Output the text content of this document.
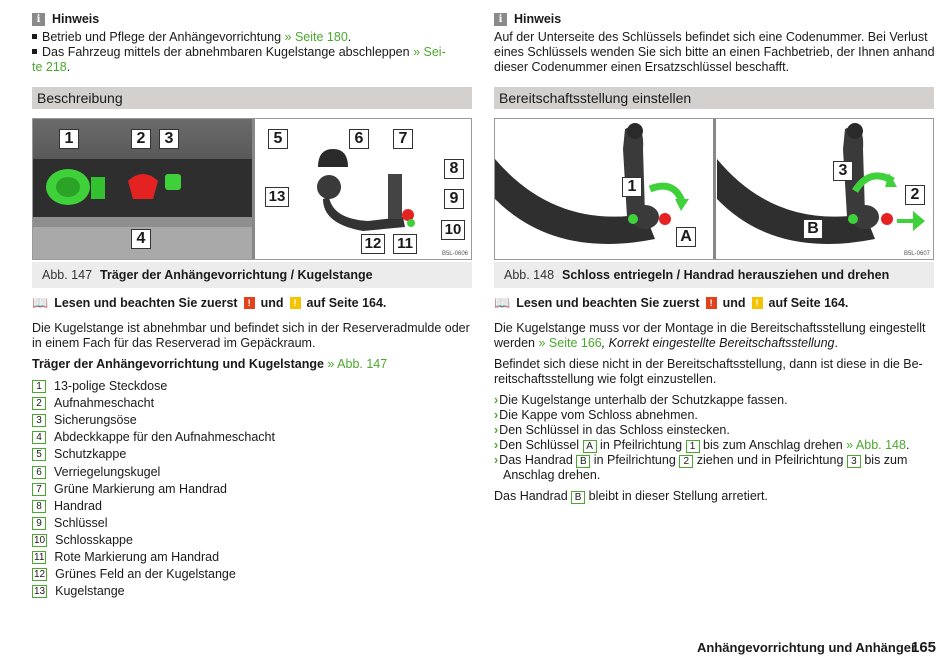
i Hinweis
Betrieb und Pflege der Anhängevorrichtung » Seite 180.
Das Fahrzeug mittels der abnehmbaren Kugelstange abschleppen » Sei-
te 218.
Beschreibung
1	2	3
4
5	6	7
8
9
10
11
12
13
B5L-0606
Abb. 147 Träger der Anhängevorrichtung / Kugelstange
📖 Lesen und beachten Sie zuerst	! und	! auf Seite 164.
Die Kugelstange ist abnehmbar und befindet sich in der Reserveradmulde oder
in einem Fach für das Reserverad im Gepäckraum.
Träger der Anhängevorrichtung und Kugelstange » Abb. 147
1 13-polige Steckdose
2 Aufnahmeschacht
3 Sicherungsöse
4 Abdeckkappe für den Aufnahmeschacht
5 Schutzkappe
6 Verriegelungskugel
7 Grüne Markierung am Handrad
8 Handrad
9 Schlüssel
10 Schlosskappe
11 Rote Markierung am Handrad
12 Grünes Feld an der Kugelstange
13 Kugelstange
i Hinweis
Auf der Unterseite des Schlüssels befindet sich eine Codenummer. Bei Verlust
eines Schlüssels wenden Sie sich bitte an einen Fachbetrieb, der Ihnen anhand
dieser Codenummer einen Ersatzschlüssel beschafft.
Bereitschaftsstellung einstellen
1
A
3
2
B
B5L-0607
Abb. 148 Schloss entriegeln / Handrad herausziehen und drehen
📖 Lesen und beachten Sie zuerst	! und	! auf Seite 164.
Die Kugelstange muss vor der Montage in die Bereitschaftsstellung eingestellt
werden » Seite 166, Korrekt eingestellte Bereitschaftsstellung.
Befindet sich diese nicht in der Bereitschaftsstellung, dann ist diese in die Be-
reitschaftsstellung wie folgt einzustellen.
›Die Kugelstange unterhalb der Schutzkappe fassen.
›Die Kappe vom Schloss abnehmen.
›Den Schlüssel in das Schloss einstecken.
›Den Schlüssel A in Pfeilrichtung 1 bis zum Anschlag drehen » Abb. 148.
›Das Handrad B in Pfeilrichtung 2 ziehen und in Pfeilrichtung 3 bis zum
Anschlag drehen.
Das Handrad B bleibt in dieser Stellung arretiert.
Anhängevorrichtung und Anhänger
165
